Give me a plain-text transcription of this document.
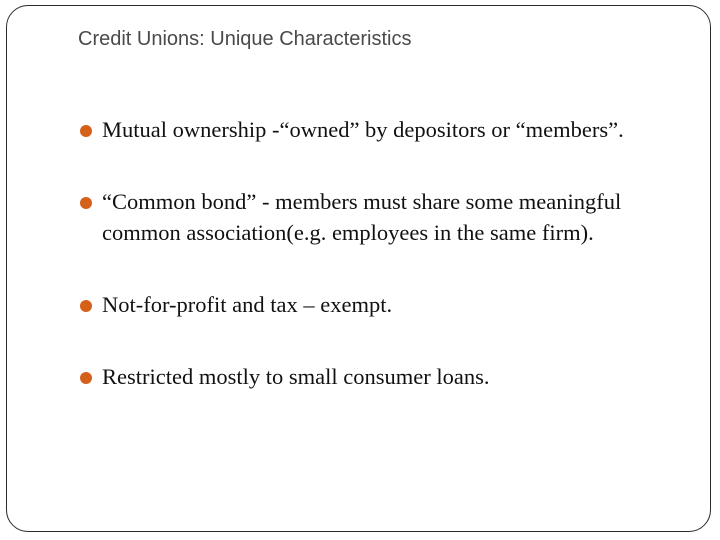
Credit Unions: Unique Characteristics
Mutual ownership -“owned” by depositors or “members”.
“Common bond” - members must share some meaningful common association(e.g. employees in the same firm).
Not-for-profit and tax – exempt.
Restricted mostly to small consumer loans.
